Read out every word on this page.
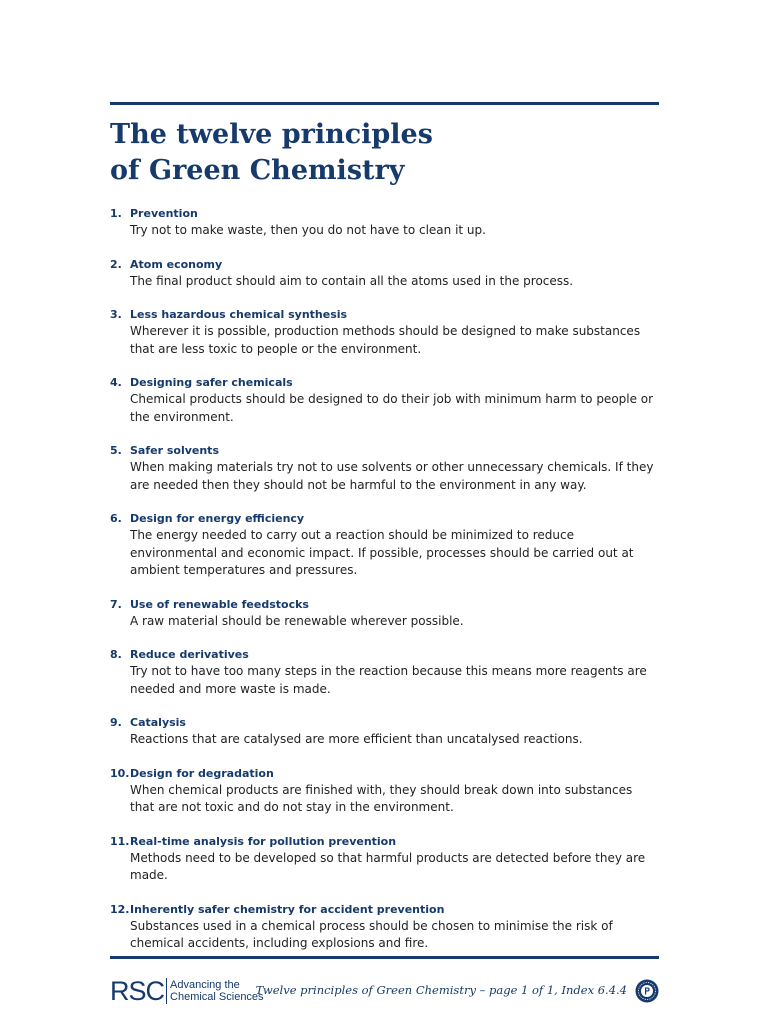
The twelve principles
of Green Chemistry
1. Prevention
Try not to make waste, then you do not have to clean it up.
2. Atom economy
The final product should aim to contain all the atoms used in the process.
3. Less hazardous chemical synthesis
Wherever it is possible, production methods should be designed to make substances that are less toxic to people or the environment.
4. Designing safer chemicals
Chemical products should be designed to do their job with minimum harm to people or the environment.
5. Safer solvents
When making materials try not to use solvents or other unnecessary chemicals. If they are needed then they should not be harmful to the environment in any way.
6. Design for energy efficiency
The energy needed to carry out a reaction should be minimized to reduce environmental and economic impact. If possible, processes should be carried out at ambient temperatures and pressures.
7. Use of renewable feedstocks
A raw material should be renewable wherever possible.
8. Reduce derivatives
Try not to have too many steps in the reaction because this means more reagents are needed and more waste is made.
9. Catalysis
Reactions that are catalysed are more efficient than uncatalysed reactions.
10. Design for degradation
When chemical products are finished with, they should break down into substances that are not toxic and do not stay in the environment.
11. Real-time analysis for pollution prevention
Methods need to be developed so that harmful products are detected before they are made.
12. Inherently safer chemistry for accident prevention
Substances used in a chemical process should be chosen to minimise the risk of chemical accidents, including explosions and fire.
RSC Advancing the
Chemical Sciences
Twelve principles of Green Chemistry – page 1 of 1, Index 6.4.4
